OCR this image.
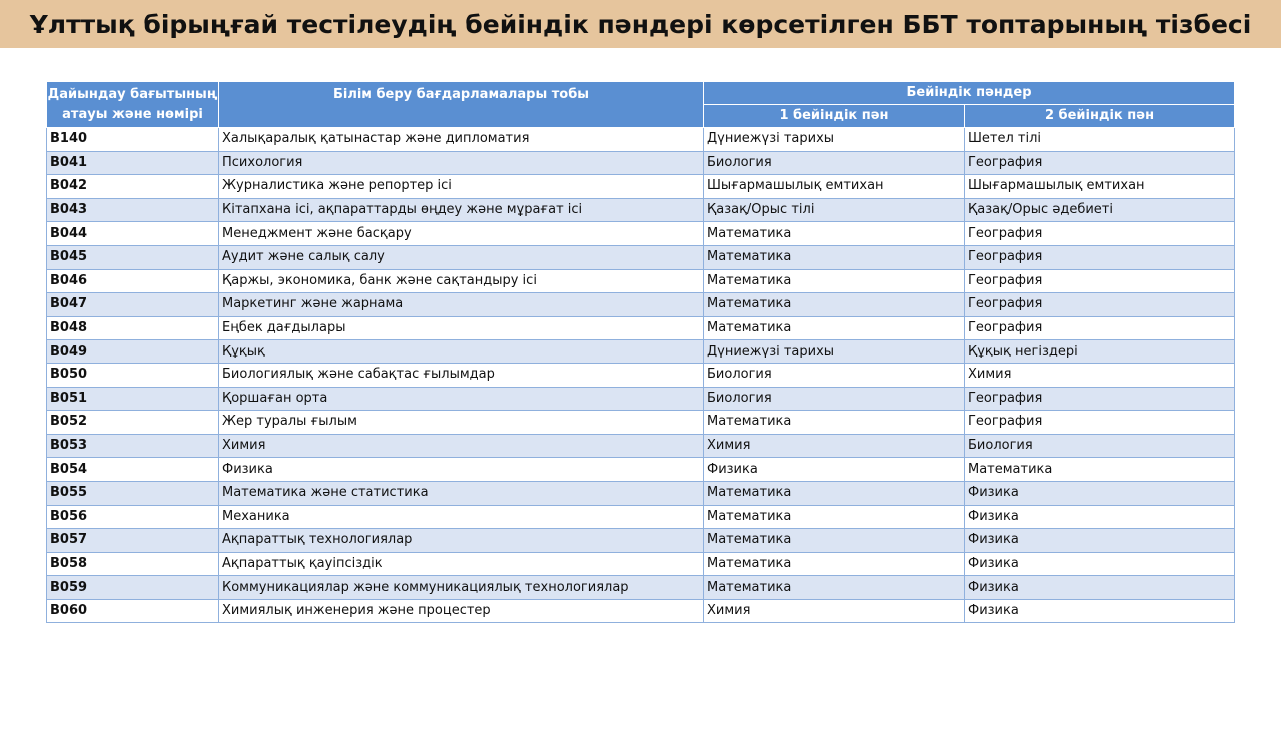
Ұлттық бірыңғай тестілеудің бейіндік пәндері көрсетілген ББТ топтарының тізбесі
Дайындау бағытының
атауы және нөмірі	Білім беру бағдарламалары тобы	Бейіндік пәндер	
		1 бейіндік пән	2 бейіндік пән
B140	Халықаралық қатынастар және дипломатия	Дүниежүзі тарихы	Шетел тілі
B041	Психология	Биология	География
B042	Журналистика және репортер ісі	Шығармашылық емтихан	Шығармашылық емтихан
B043	Кітапхана ісі, ақпараттарды өңдеу және мұрағат ісі	Қазақ/Орыс тілі	Қазақ/Орыс әдебиеті
B044	Менеджмент және басқару	Математика	География
B045	Аудит және салық салу	Математика	География
B046	Қаржы, экономика, банк және сақтандыру ісі	Математика	География
B047	Маркетинг және жарнама	Математика	География
B048	Еңбек дағдылары	Математика	География
B049	Құқық	Дүниежүзі тарихы	Құқық негіздері
B050	Биологиялық және сабақтас ғылымдар	Биология	Химия
B051	Қоршаған орта	Биология	География
B052	Жер туралы ғылым	Математика	География
B053	Химия	Химия	Биология
B054	Физика	Физика	Математика
B055	Математика және статистика	Математика	Физика
B056	Механика	Математика	Физика
B057	Ақпараттық технологиялар	Математика	Физика
B058	Ақпараттық қауіпсіздік	Математика	Физика
B059	Коммуникациялар және коммуникациялық технологиялар	Математика	Физика
B060	Химиялық инженерия және процестер	Химия	Физика
